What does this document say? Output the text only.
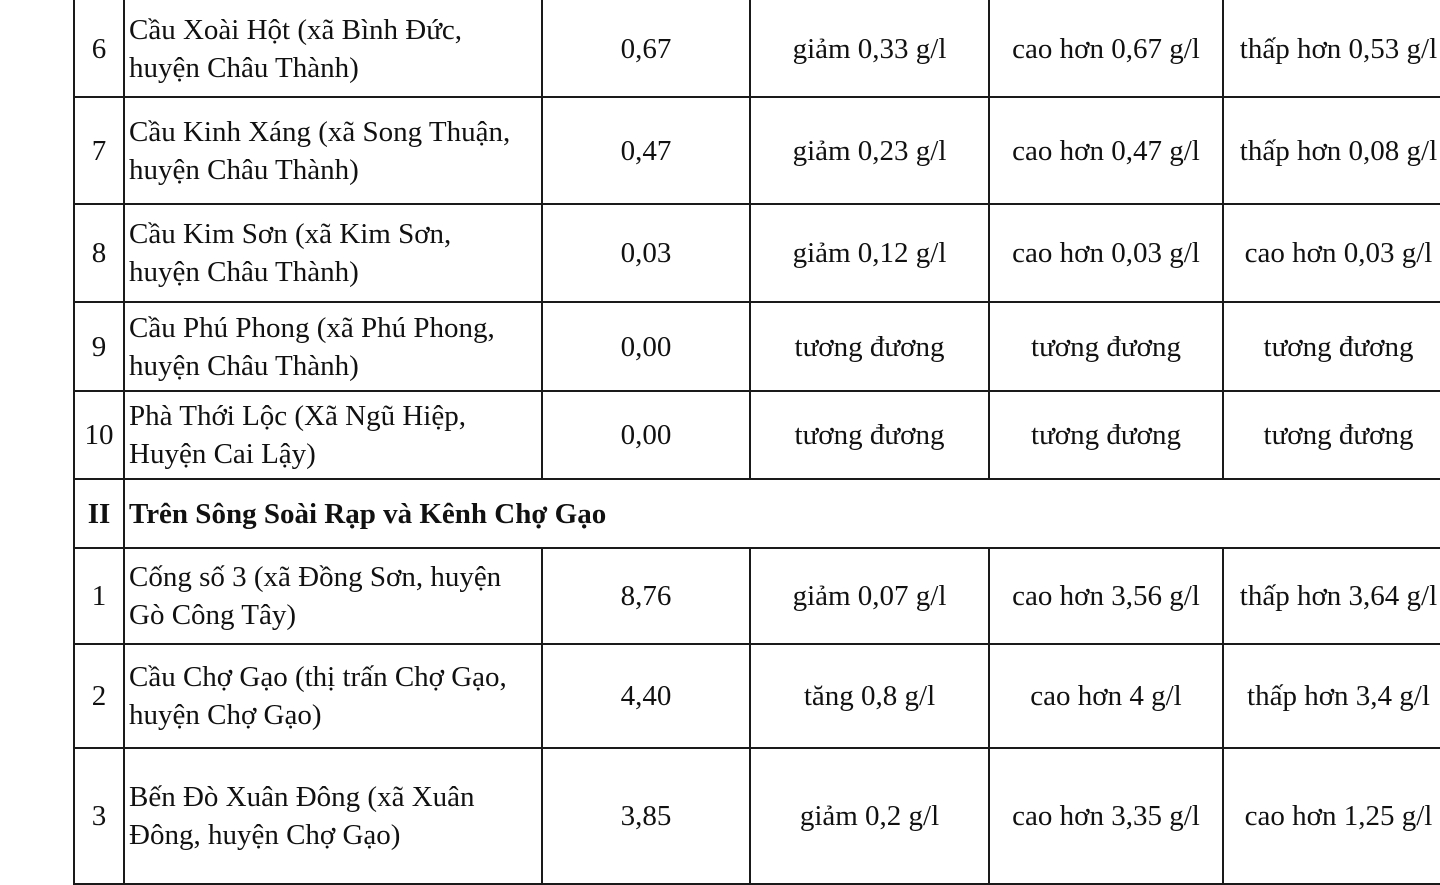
6	Cầu Xoài Hột (xã Bình Đức,
huyện Châu Thành)	0,67	giảm 0,33 g/l	cao hơn 0,67 g/l	thấp hơn 0,53 g/l
7	Cầu Kinh Xáng (xã Song Thuận,
huyện Châu Thành)	0,47	giảm 0,23 g/l	cao hơn 0,47 g/l	thấp hơn 0,08 g/l
8	Cầu Kim Sơn (xã Kim Sơn,
huyện Châu Thành)	0,03	giảm 0,12 g/l	cao hơn 0,03 g/l	cao hơn 0,03 g/l
9	Cầu Phú Phong (xã Phú Phong,
huyện Châu Thành)	0,00	tương đương	tương đương	tương đương
10	Phà Thới Lộc (Xã Ngũ Hiệp,
Huyện Cai Lậy)	0,00	tương đương	tương đương	tương đương
II	Trên Sông Soài Rạp và Kênh Chợ Gạo				
1	Cống số 3 (xã Đồng Sơn, huyện
Gò Công Tây)	8,76	giảm 0,07 g/l	cao hơn 3,56 g/l	thấp hơn 3,64 g/l
2	Cầu Chợ Gạo (thị trấn Chợ Gạo,
huyện Chợ Gạo)	4,40	tăng 0,8 g/l	cao hơn 4 g/l	thấp hơn 3,4 g/l
3	Bến Đò Xuân Đông (xã Xuân
Đông, huyện Chợ Gạo)	3,85	giảm 0,2 g/l	cao hơn 3,35 g/l	cao hơn 1,25 g/l
